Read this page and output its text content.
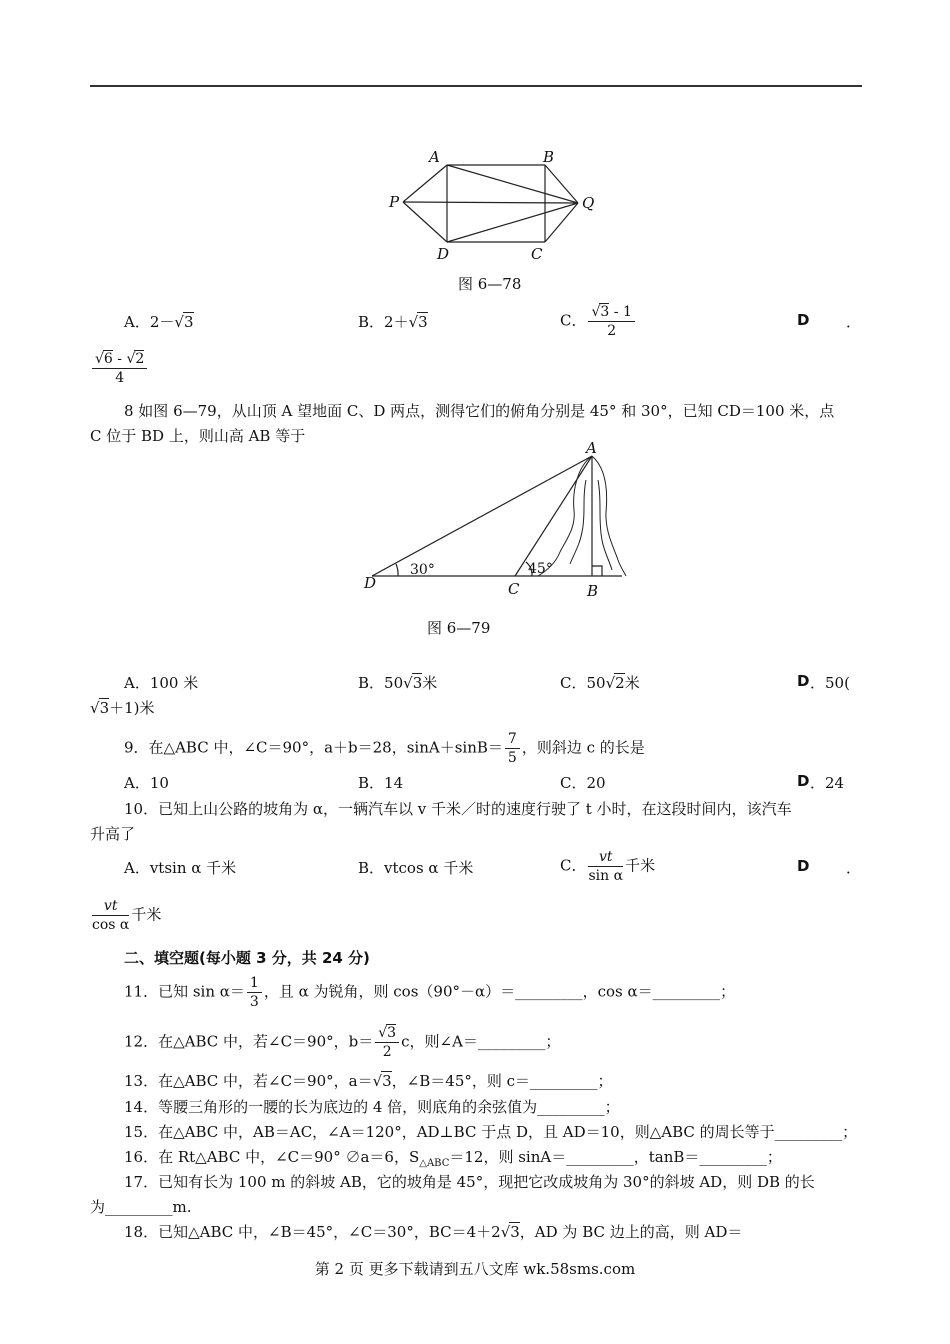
A	B
P	Q
D	C
图 6—78
A．2－√3	B．2＋√3	C． $\frac{√3 - 1}{2}$	D ．
$\frac{√6 - √2}{4}$
8 如图 6—79，从山顶 A 望地面 C、D 两点，测得它们的俯角分别是 45° 和 30°，已知 CD＝100 米，点
C 位于 BD 上，则山高 AB 等于
A
D	C	B
30°	45°
图 6—79
A．100 米	B．50√3米	C．50√2米	D ．50(
√3＋1)米
9．在△ABC 中，∠C＝90°，a＋b＝28，$\sin A+\sin B= \frac{7}{5}$ ，则斜边 c 的长是
A．10	B．14	C．20	D ．24
10．已知上山公路的坡角为 α，一辆汽车以 v 千米／时的速度行驶了 t 小时，在这段时间内，该汽车
升高了
A．vtsin α 千米	B．vtcos α 千米	C． $\frac{vt}{\text{sin α}}$ 千米	D ．
$\frac{vt}{\text{cos α}}$ 千米
二、填空题(每小题 3 分，共 24 分)
11．已知 $\sin \alpha= \frac{1}{3}$ ，且 α 为锐角，则 cos（90°－α）＝_________，cos α＝_________；
12．在△ABC 中，若∠C＝90°，$b= \frac{√3}{2}$ c，则∠A＝_________；
13．在△ABC 中，若∠C＝90°，a＝√3，∠B＝45°，则 c＝_________；
14．等腰三角形的一腰的长为底边的 4 倍，则底角的余弦值为_________；
15．在△ABC 中，AB＝AC，∠A＝120°，AD⊥BC 于点 D，且 AD＝10，则△ABC 的周长等于_________；
16．在 Rt△ABC 中，∠C＝90° ∅a＝6，$S_{\triangle ABC}=12$，则 sinA＝_________，tanB＝_________；
17．已知有长为 100 m 的斜坡 AB，它的坡角是 45°，现把它改成坡角为 30°的斜坡 AD，则 DB 的长
为_________m.
18．已知△ABC 中，∠B＝45°，∠C＝30°，BC＝4＋2√3，AD 为 BC 边上的高，则 AD＝
第 2 页 更多下载请到五八文库 wk.58sms.com
